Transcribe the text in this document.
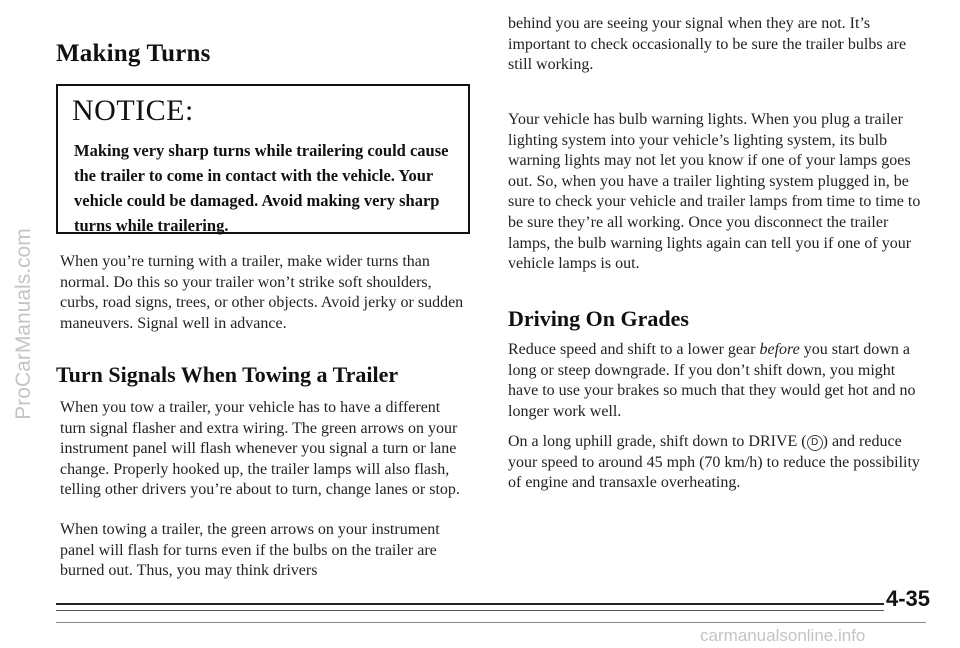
ProCarManuals.com
Making Turns
NOTICE:
Making very sharp turns while trailering could cause the trailer to come in contact with the vehicle. Your vehicle could be damaged. Avoid making very sharp turns while trailering.

When you’re turning with a trailer, make wider turns than normal. Do this so your trailer won’t strike soft shoulders, curbs, road signs, trees, or other objects. Avoid jerky or sudden maneuvers. Signal well in advance.

Turn Signals When Towing a Trailer

When you tow a trailer, your vehicle has to have a different turn signal flasher and extra wiring. The green arrows on your instrument panel will flash whenever you signal a turn or lane change. Properly hooked up, the trailer lamps will also flash, telling other drivers you’re about to turn, change lanes or stop.

When towing a trailer, the green arrows on your instrument panel will flash for turns even if the bulbs on the trailer are burned out. Thus, you may think drivers

behind you are seeing your signal when they are not. It’s important to check occasionally to be sure the trailer bulbs are still working.

Your vehicle has bulb warning lights. When you plug a trailer lighting system into your vehicle’s lighting system, its bulb warning lights may not let you know if one of your lamps goes out. So, when you have a trailer lighting system plugged in, be sure to check your vehicle and trailer lamps from time to time to be sure they’re all working. Once you disconnect the trailer lamps, the bulb warning lights again can tell you if one of your vehicle lamps is out.

Driving On Grades

Reduce speed and shift to a lower gear before you start down a long or steep downgrade. If you don’t shift down, you might have to use your brakes so much that they would get hot and no longer work well.

On a long uphill grade, shift down to DRIVE ( D ) and reduce your speed to around 45 mph (70 km/h) to reduce the possibility of engine and transaxle overheating.

4-35
carmanualsonline.info
